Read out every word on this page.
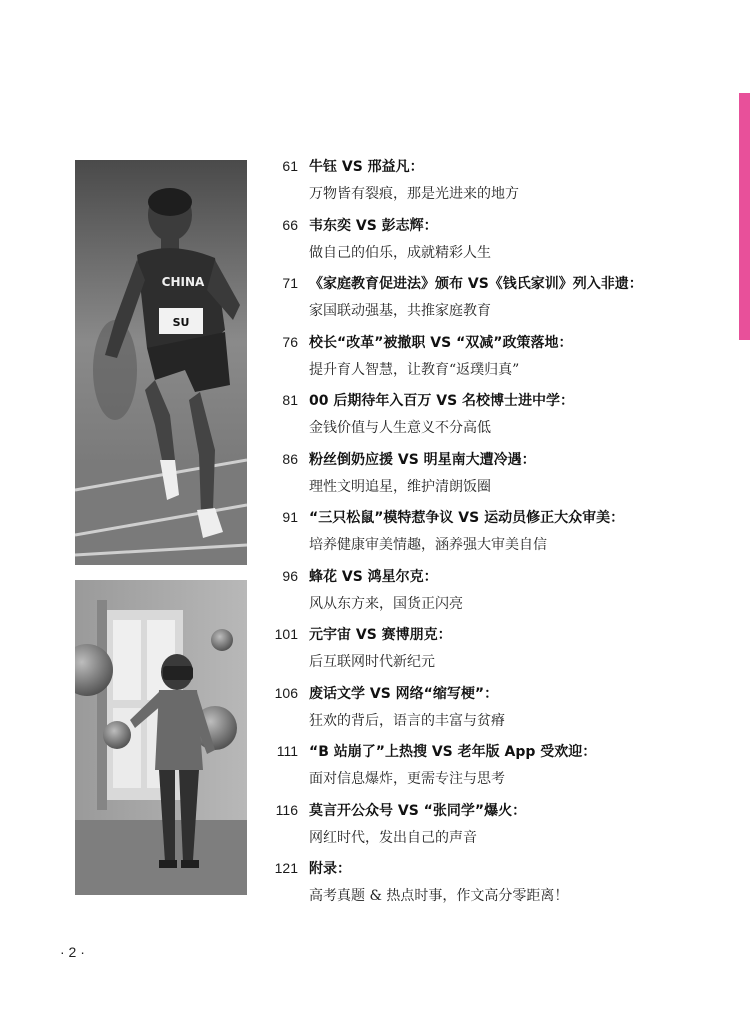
CHINA
SU
61 牛钰 VS 邢益凡：
万物皆有裂痕，那是光进来的地方
66 韦东奕 VS 彭志辉：
做自己的伯乐，成就精彩人生
71 《家庭教育促进法》颁布 VS《钱氏家训》列入非遗：
家国联动强基，共推家庭教育
76 校长“改革”被撤职 VS “双减”政策落地：
提升育人智慧，让教育“返璞归真”
81 00 后期待年入百万 VS 名校博士进中学：
金钱价值与人生意义不分高低
86 粉丝倒奶应援 VS 明星南大遭冷遇：
理性文明追星，维护清朗饭圈
91 “三只松鼠”模特惹争议 VS 运动员修正大众审美：
培养健康审美情趣，涵养强大审美自信
96 蜂花 VS 鸿星尔克：
风从东方来，国货正闪亮
101 元宇宙 VS 赛博朋克：
后互联网时代新纪元
106 废话文学 VS 网络“缩写梗”：
狂欢的背后，语言的丰富与贫瘠
111 “B 站崩了”上热搜 VS 老年版 App 受欢迎：
面对信息爆炸，更需专注与思考
116 莫言开公众号 VS “张同学”爆火：
网红时代，发出自己的声音
121 附录：
高考真题 & 热点时事，作文高分零距离！
· 2 ·
